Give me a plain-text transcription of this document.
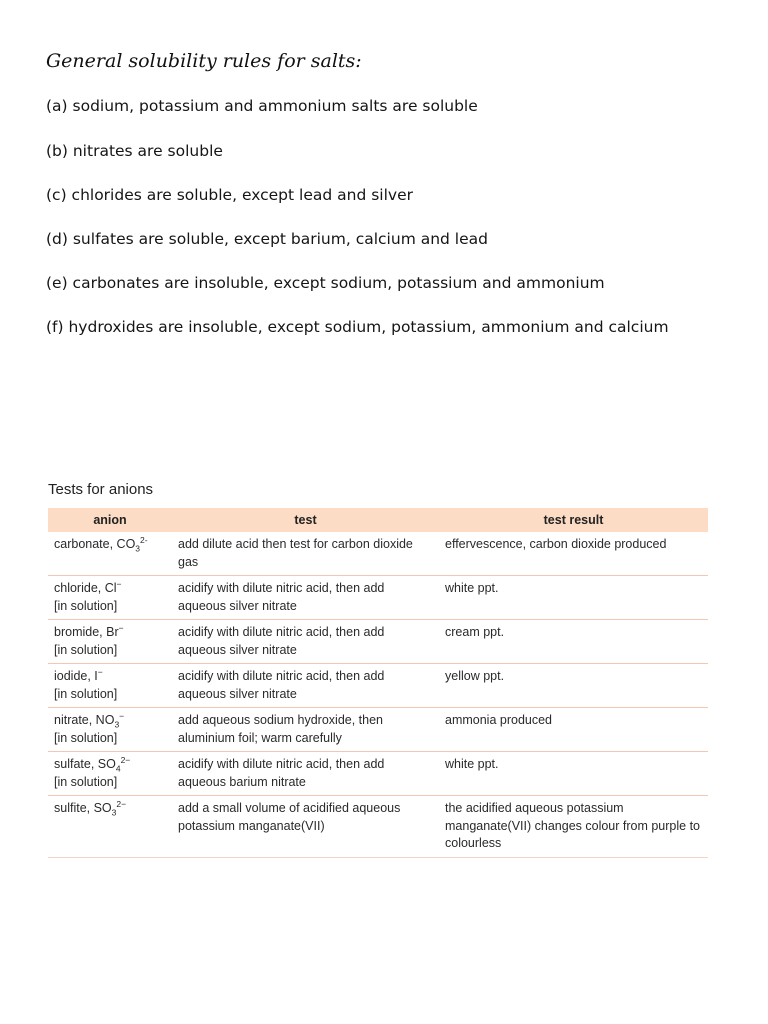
General solubility rules for salts:
(a) sodium, potassium and ammonium salts are soluble
(b) nitrates are soluble
(c) chlorides are soluble, except lead and silver
(d) sulfates are soluble, except barium, calcium and lead
(e) carbonates are insoluble, except sodium, potassium and ammonium
(f) hydroxides are insoluble, except sodium, potassium, ammonium and calcium
Tests for anions
anion	test	test result
carbonate, $CO_3^{2-}$	add dilute acid then test for carbon dioxide gas	effervescence, carbon dioxide produced
chloride, Cl−
[in solution]	acidify with dilute nitric acid, then add aqueous silver nitrate	white ppt.
bromide, Br−
[in solution]	acidify with dilute nitric acid, then add aqueous silver nitrate	cream ppt.
iodide, I−
[in solution]	acidify with dilute nitric acid, then add aqueous silver nitrate	yellow ppt.
nitrate, $NO_3^-$
[in solution]	add aqueous sodium hydroxide, then aluminium foil; warm carefully	ammonia produced
sulfate, $SO_4^{2-}$
[in solution]	acidify with dilute nitric acid, then add aqueous barium nitrate	white ppt.
sulfite, $SO_3^{2-}$	add a small volume of acidified aqueous potassium manganate(VII)	the acidified aqueous potassium manganate(VII) changes colour from purple to colourless
